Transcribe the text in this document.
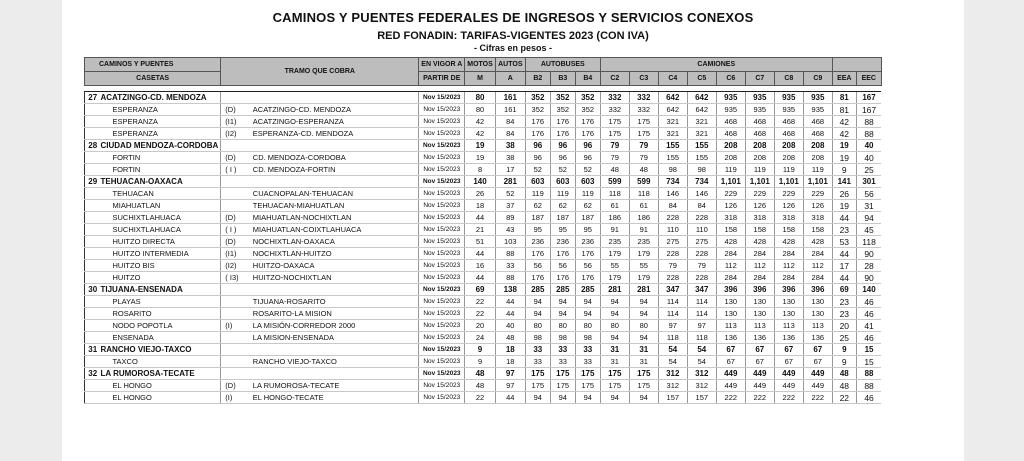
CAMINOS Y PUENTES FEDERALES DE INGRESOS Y SERVICIOS CONEXOS
RED FONADIN: TARIFAS-VIGENTES 2023 (CON IVA)
- Cifras en pesos -
CAMINOS Y PUENTES		TRAMO QUE COBRA		EN VIGOR A	MOTOS	AUTOS	AUTOBUSES			CAMIONES									
CASETAS				PARTIR DE	M	A	B2	B3	B4	C2	C3	C4	C5	C6	C7	C8	C9	EEA	EEC

27	ACATZINGO-CD. MENDOZA			Nov 15/2023	80	161	352	352	352	332	332	642	642	935	935	935	935	81	167
	ESPERANZA	(D)	ACATZINGO-CD. MENDOZA	Nov 15/2023	80	161	352	352	352	332	332	642	642	935	935	935	935	81	167
	ESPERANZA	(I1)	ACATZINGO-ESPERANZA	Nov 15/2023	42	84	176	176	176	175	175	321	321	468	468	468	468	42	88
	ESPERANZA	(I2)	ESPERANZA-CD. MENDOZA	Nov 15/2023	42	84	176	176	176	175	175	321	321	468	468	468	468	42	88
28	CIUDAD MENDOZA-CORDOBA			Nov 15/2023	19	38	96	96	96	79	79	155	155	208	208	208	208	19	40
	FORTIN	(D)	CD. MENDOZA-CORDOBA	Nov 15/2023	19	38	96	96	96	79	79	155	155	208	208	208	208	19	40
	FORTIN	( I )	CD. MENDOZA-FORTIN	Nov 15/2023	8	17	52	52	52	48	48	98	98	119	119	119	119	9	25
29	TEHUACAN-OAXACA			Nov 15/2023	140	281	603	603	603	599	599	734	734	1,101	1,101	1,101	1,101	141	301
	TEHUACAN		CUACNOPALAN-TEHUACAN	Nov 15/2023	26	52	119	119	119	118	118	146	146	229	229	229	229	26	56
	MIAHUATLAN		TEHUACAN-MIAHUATLAN	Nov 15/2023	18	37	62	62	62	61	61	84	84	126	126	126	126	19	31
	SUCHIXTLAHUACA	(D)	MIAHUATLAN-NOCHIXTLAN	Nov 15/2023	44	89	187	187	187	186	186	228	228	318	318	318	318	44	94
	SUCHIXTLAHUACA	( I )	MIAHUATLAN-COIXTLAHUACA	Nov 15/2023	21	43	95	95	95	91	91	110	110	158	158	158	158	23	45
	HUITZO DIRECTA	(D)	NOCHIXTLAN-OAXACA	Nov 15/2023	51	103	236	236	236	235	235	275	275	428	428	428	428	53	118
	HUITZO INTERMEDIA	(I1)	NOCHIXTLAN-HUITZO	Nov 15/2023	44	88	176	176	176	179	179	228	228	284	284	284	284	44	90
	HUITZO BIS	(I2)	HUITZO-OAXACA	Nov 15/2023	16	33	56	56	56	55	55	79	79	112	112	112	112	17	28
	HUITZO	( I3)	HUITZO-NOCHIXTLAN	Nov 15/2023	44	88	176	176	176	179	179	228	228	284	284	284	284	44	90
30	TIJUANA-ENSENADA			Nov 15/2023	69	138	285	285	285	281	281	347	347	396	396	396	396	69	140
	PLAYAS		TIJUANA-ROSARITO	Nov 15/2023	22	44	94	94	94	94	94	114	114	130	130	130	130	23	46
	ROSARITO		ROSARITO-LA MISION	Nov 15/2023	22	44	94	94	94	94	94	114	114	130	130	130	130	23	46
	NODO POPOTLA	(I)	LA MISIÓN-CORREDOR 2000	Nov 15/2023	20	40	80	80	80	80	80	97	97	113	113	113	113	20	41
	ENSENADA		LA MISION-ENSENADA	Nov 15/2023	24	48	98	98	98	94	94	118	118	136	136	136	136	25	46
31	RANCHO VIEJO-TAXCO			Nov 15/2023	9	18	33	33	33	31	31	54	54	67	67	67	67	9	15
	TAXCO		RANCHO VIEJO-TAXCO	Nov 15/2023	9	18	33	33	33	31	31	54	54	67	67	67	67	9	15
32	LA RUMOROSA-TECATE			Nov 15/2023	48	97	175	175	175	175	175	312	312	449	449	449	449	48	88
	EL HONGO	(D)	LA RUMOROSA-TECATE	Nov 15/2023	48	97	175	175	175	175	175	312	312	449	449	449	449	48	88
	EL HONGO	(I)	EL HONGO-TECATE	Nov 15/2023	22	44	94	94	94	94	94	157	157	222	222	222	222	22	46
